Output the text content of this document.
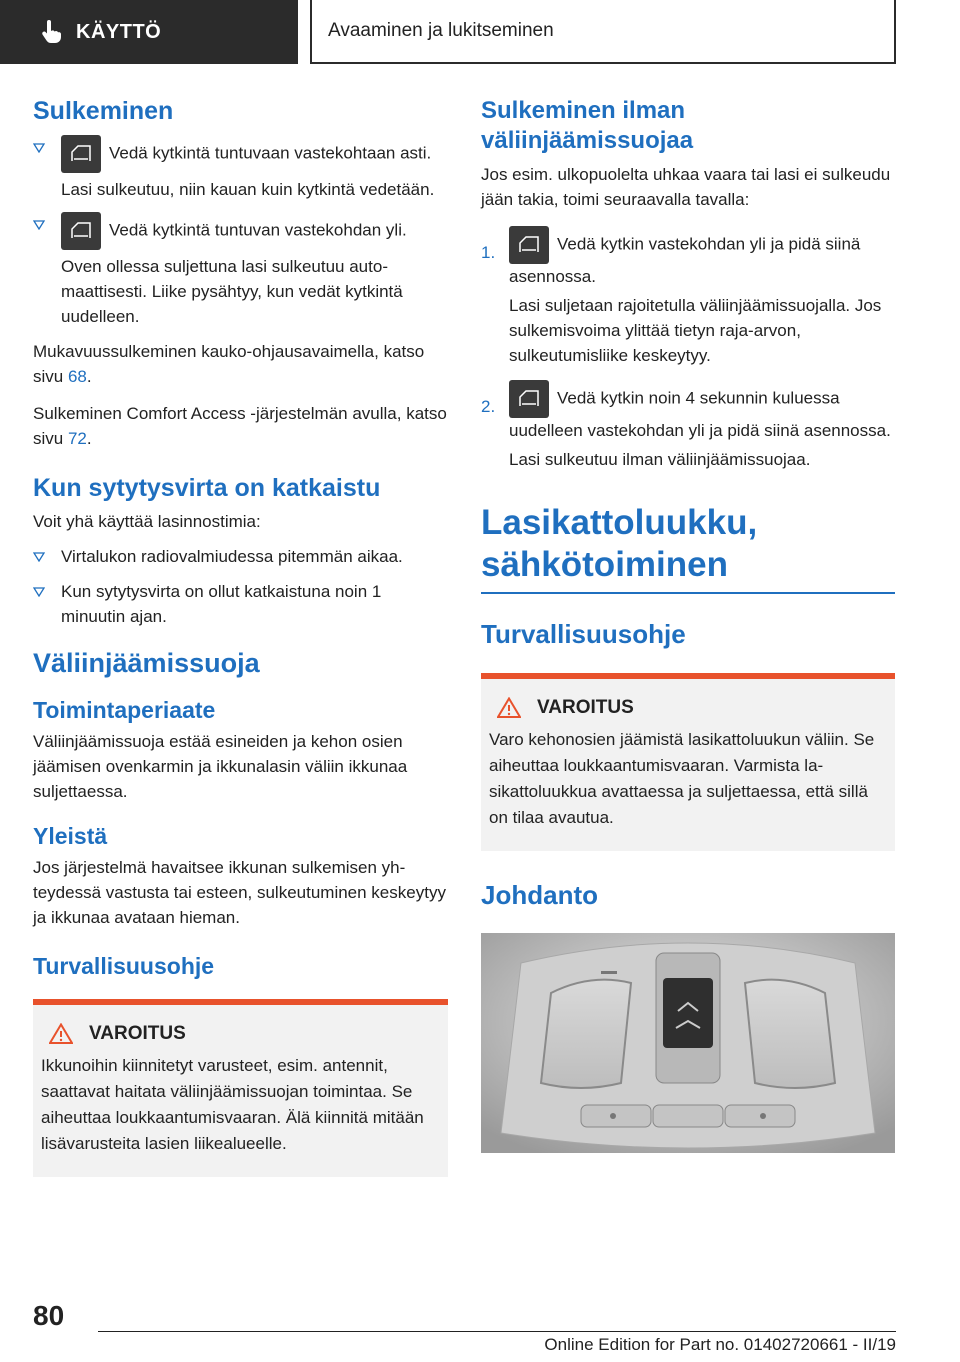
KÄYTTÖ	Avaaminen ja lukitseminen
Sulkeminen
Vedä kytkintä tuntuvaan vastekohtaan asti.

Lasi sulkeutuu, niin kauan kuin kytkintä vedetään.

Vedä kytkintä tuntuvan vastekohdan yli.

Oven ollessa suljettuna lasi sulkeutuu automaattisesti. Liike pysähtyy, kun vedät kytkintä uudelleen.

Mukavuussulkeminen kauko-ohjausavaimella, katso sivu 68.

Sulkeminen Comfort Access -järjestelmän avulla, katso sivu 72.

Kun sytytysvirta on katkaistu

Voit yhä käyttää lasinnostimia:

Virtalukon radiovalmiudessa pitemmän aikaa.
Kun sytytysvirta on ollut katkaistuna noin 1 minuutin ajan.
Väliinjäämissuoja
Toimintaperiaate

Väliinjäämissuoja estää esineiden ja kehon osien jäämisen ovenkarmin ja ikkunalasin väliin ikkunaa suljettaessa.

Yleistä

Jos järjestelmä havaitsee ikkunan sulkemisen yhteydessä vastusta tai esteen, sulkeutuminen keskeytyy ja ikkunaa avataan hieman.

Turvallisuusohje
VAROITUS

Ikkunoihin kiinnitetyt varusteet, esim. antennit, saattavat haitata väliinjäämissuojan toimintaa. Se aiheuttaa loukkaantumisvaaran. Älä kiinnitä mitään lisävarusteita lasien liikealueelle.

Sulkeminen ilman väliinjäämissuojaa

Jos esim. ulkopuolelta uhkaa vaara tai lasi ei sulkeudu jään takia, toimi seuraavalla tavalla:

1.	Vedä kytkin vastekohdan yli ja pidä siinä asennossa.

Lasi suljetaan rajoitetulla väliinjäämissuojalla. Jos sulkemisvoima ylittää tietyn raja-arvon, sulkeutumisliike keskeytyy.

2.	Vedä kytkin noin 4 sekunnin kuluessa uudelleen vastekohdan yli ja pidä siinä asennossa.

Lasi sulkeutuu ilman väliinjäämissuojaa.

Lasikattoluukku, sähkötoiminen
Turvallisuusohje
VAROITUS

Varo kehonosien jäämistä lasikattoluukun väliin. Se aiheuttaa loukkaantumisvaaran. Varmista lasikattoluukkua avattaessa ja suljettaessa, että sillä on tilaa avautua.

Johdanto
80
Online Edition for Part no. 01402720661 - II/19
